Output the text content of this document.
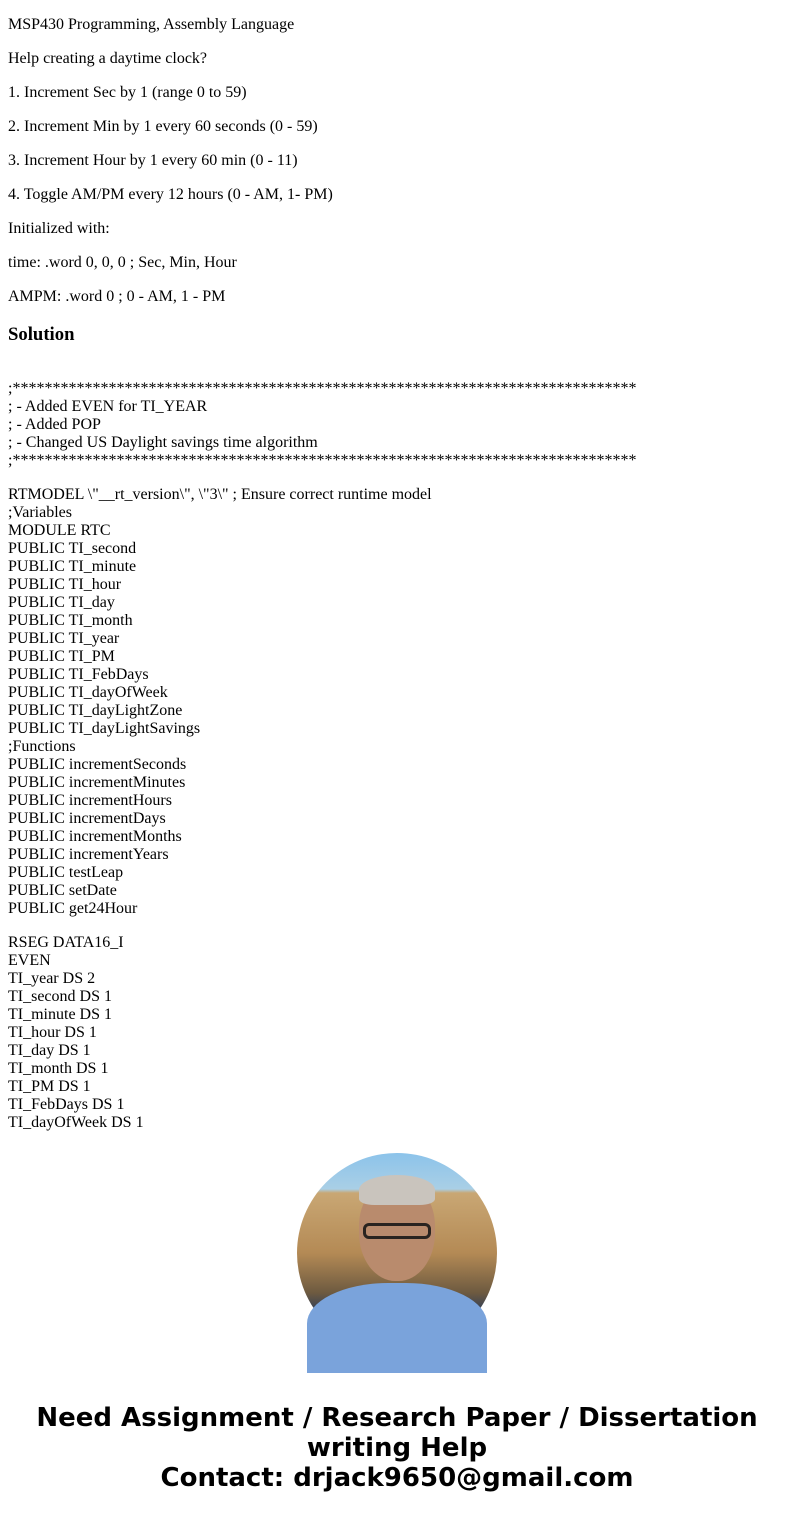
MSP430 Programming, Assembly Language

Help creating a daytime clock?

1. Increment Sec by 1 (range 0 to 59)

2. Increment Min by 1 every 60 seconds (0 - 59)

3. Increment Hour by 1 every 60 min (0 - 11)

4. Toggle AM/PM every 12 hours (0 - AM, 1- PM)

Initialized with:

time: .word 0, 0, 0 ; Sec, Min, Hour

AMPM: .word 0 ; 0 - AM, 1 - PM

Solution
;******************************************************************************
; - Added EVEN for TI_YEAR
; - Added POP
; - Changed US Daylight savings time algorithm
;******************************************************************************
RTMODEL \"__rt_version\", \"3\" ; Ensure correct runtime model
;Variables
MODULE RTC
PUBLIC TI_second
PUBLIC TI_minute
PUBLIC TI_hour
PUBLIC TI_day
PUBLIC TI_month
PUBLIC TI_year
PUBLIC TI_PM
PUBLIC TI_FebDays
PUBLIC TI_dayOfWeek
PUBLIC TI_dayLightZone
PUBLIC TI_dayLightSavings
;Functions
PUBLIC incrementSeconds
PUBLIC incrementMinutes
PUBLIC incrementHours
PUBLIC incrementDays
PUBLIC incrementMonths
PUBLIC incrementYears
PUBLIC testLeap
PUBLIC setDate
PUBLIC get24Hour
RSEG DATA16_I
EVEN
TI_year DS 2
TI_second DS 1
TI_minute DS 1
TI_hour DS 1
TI_day DS 1
TI_month DS 1
TI_PM DS 1
TI_FebDays DS 1
TI_dayOfWeek DS 1
Need Assignment / Research Paper / Dissertation
writing Help
Contact: drjack9650@gmail.com
